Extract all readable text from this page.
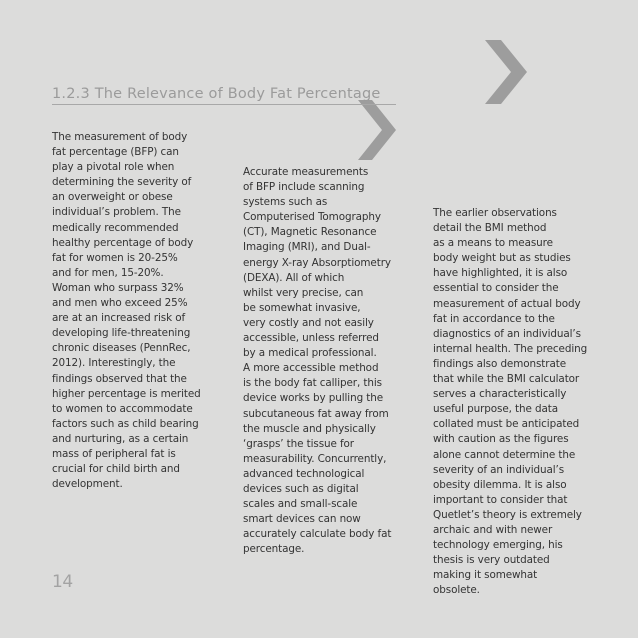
1.2.3 The Relevance of Body Fat Percentage
The measurement of body
fat percentage (BFP) can
play a pivotal role when
determining the severity of
an overweight or obese
individual’s problem. The
medically recommended
healthy percentage of body
fat for women is 20-25%
and for men, 15-20%.
Woman who surpass 32%
and men who exceed 25%
are at an increased risk of
developing life-threatening
chronic diseases (PennRec,
2012). Interestingly, the
findings observed that the
higher percentage is merited
to women to accommodate
factors such as child bearing
and nurturing, as a certain
mass of peripheral fat is
crucial for child birth and
development.
Accurate measurements
of BFP include scanning
systems such as
Computerised Tomography
(CT), Magnetic Resonance
Imaging (MRI), and Dual-
energy X-ray Absorptiometry
(DEXA). All of which
whilst very precise, can
be somewhat invasive,
very costly and not easily
accessible, unless referred
by a medical professional.
A more accessible method
is the body fat calliper, this
device works by pulling the
subcutaneous fat away from
the muscle and physically
‘grasps’ the tissue for
measurability. Concurrently,
advanced technological
devices such as digital
scales and small-scale
smart devices can now
accurately calculate body fat
percentage.
The earlier observations
detail the BMI method
as a means to measure
body weight but as studies
have highlighted, it is also
essential to consider the
measurement of actual body
fat in accordance to the
diagnostics of an individual’s
internal health. The preceding
findings also demonstrate
that while the BMI calculator
serves a characteristically
useful purpose, the data
collated must be anticipated
with caution as the figures
alone cannot determine the
severity of an individual’s
obesity dilemma. It is also
important to consider that
Quetlet’s theory is extremely
archaic and with newer
technology emerging, his
thesis is very outdated
making it somewhat
obsolete.
14
